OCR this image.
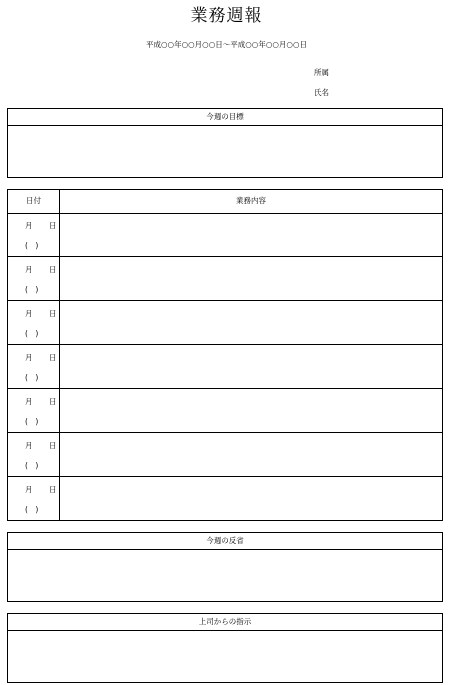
業務週報
平成○○年○○月○○日～平成○○年○○月○○日
所属
氏名
今週の目標
日付	業務内容
月 日
(　)
月 日
(　)
月 日
(　)
月 日
(　)
月 日
(　)
月 日
(　)
月 日
(　)
今週の反省
上司からの指示
